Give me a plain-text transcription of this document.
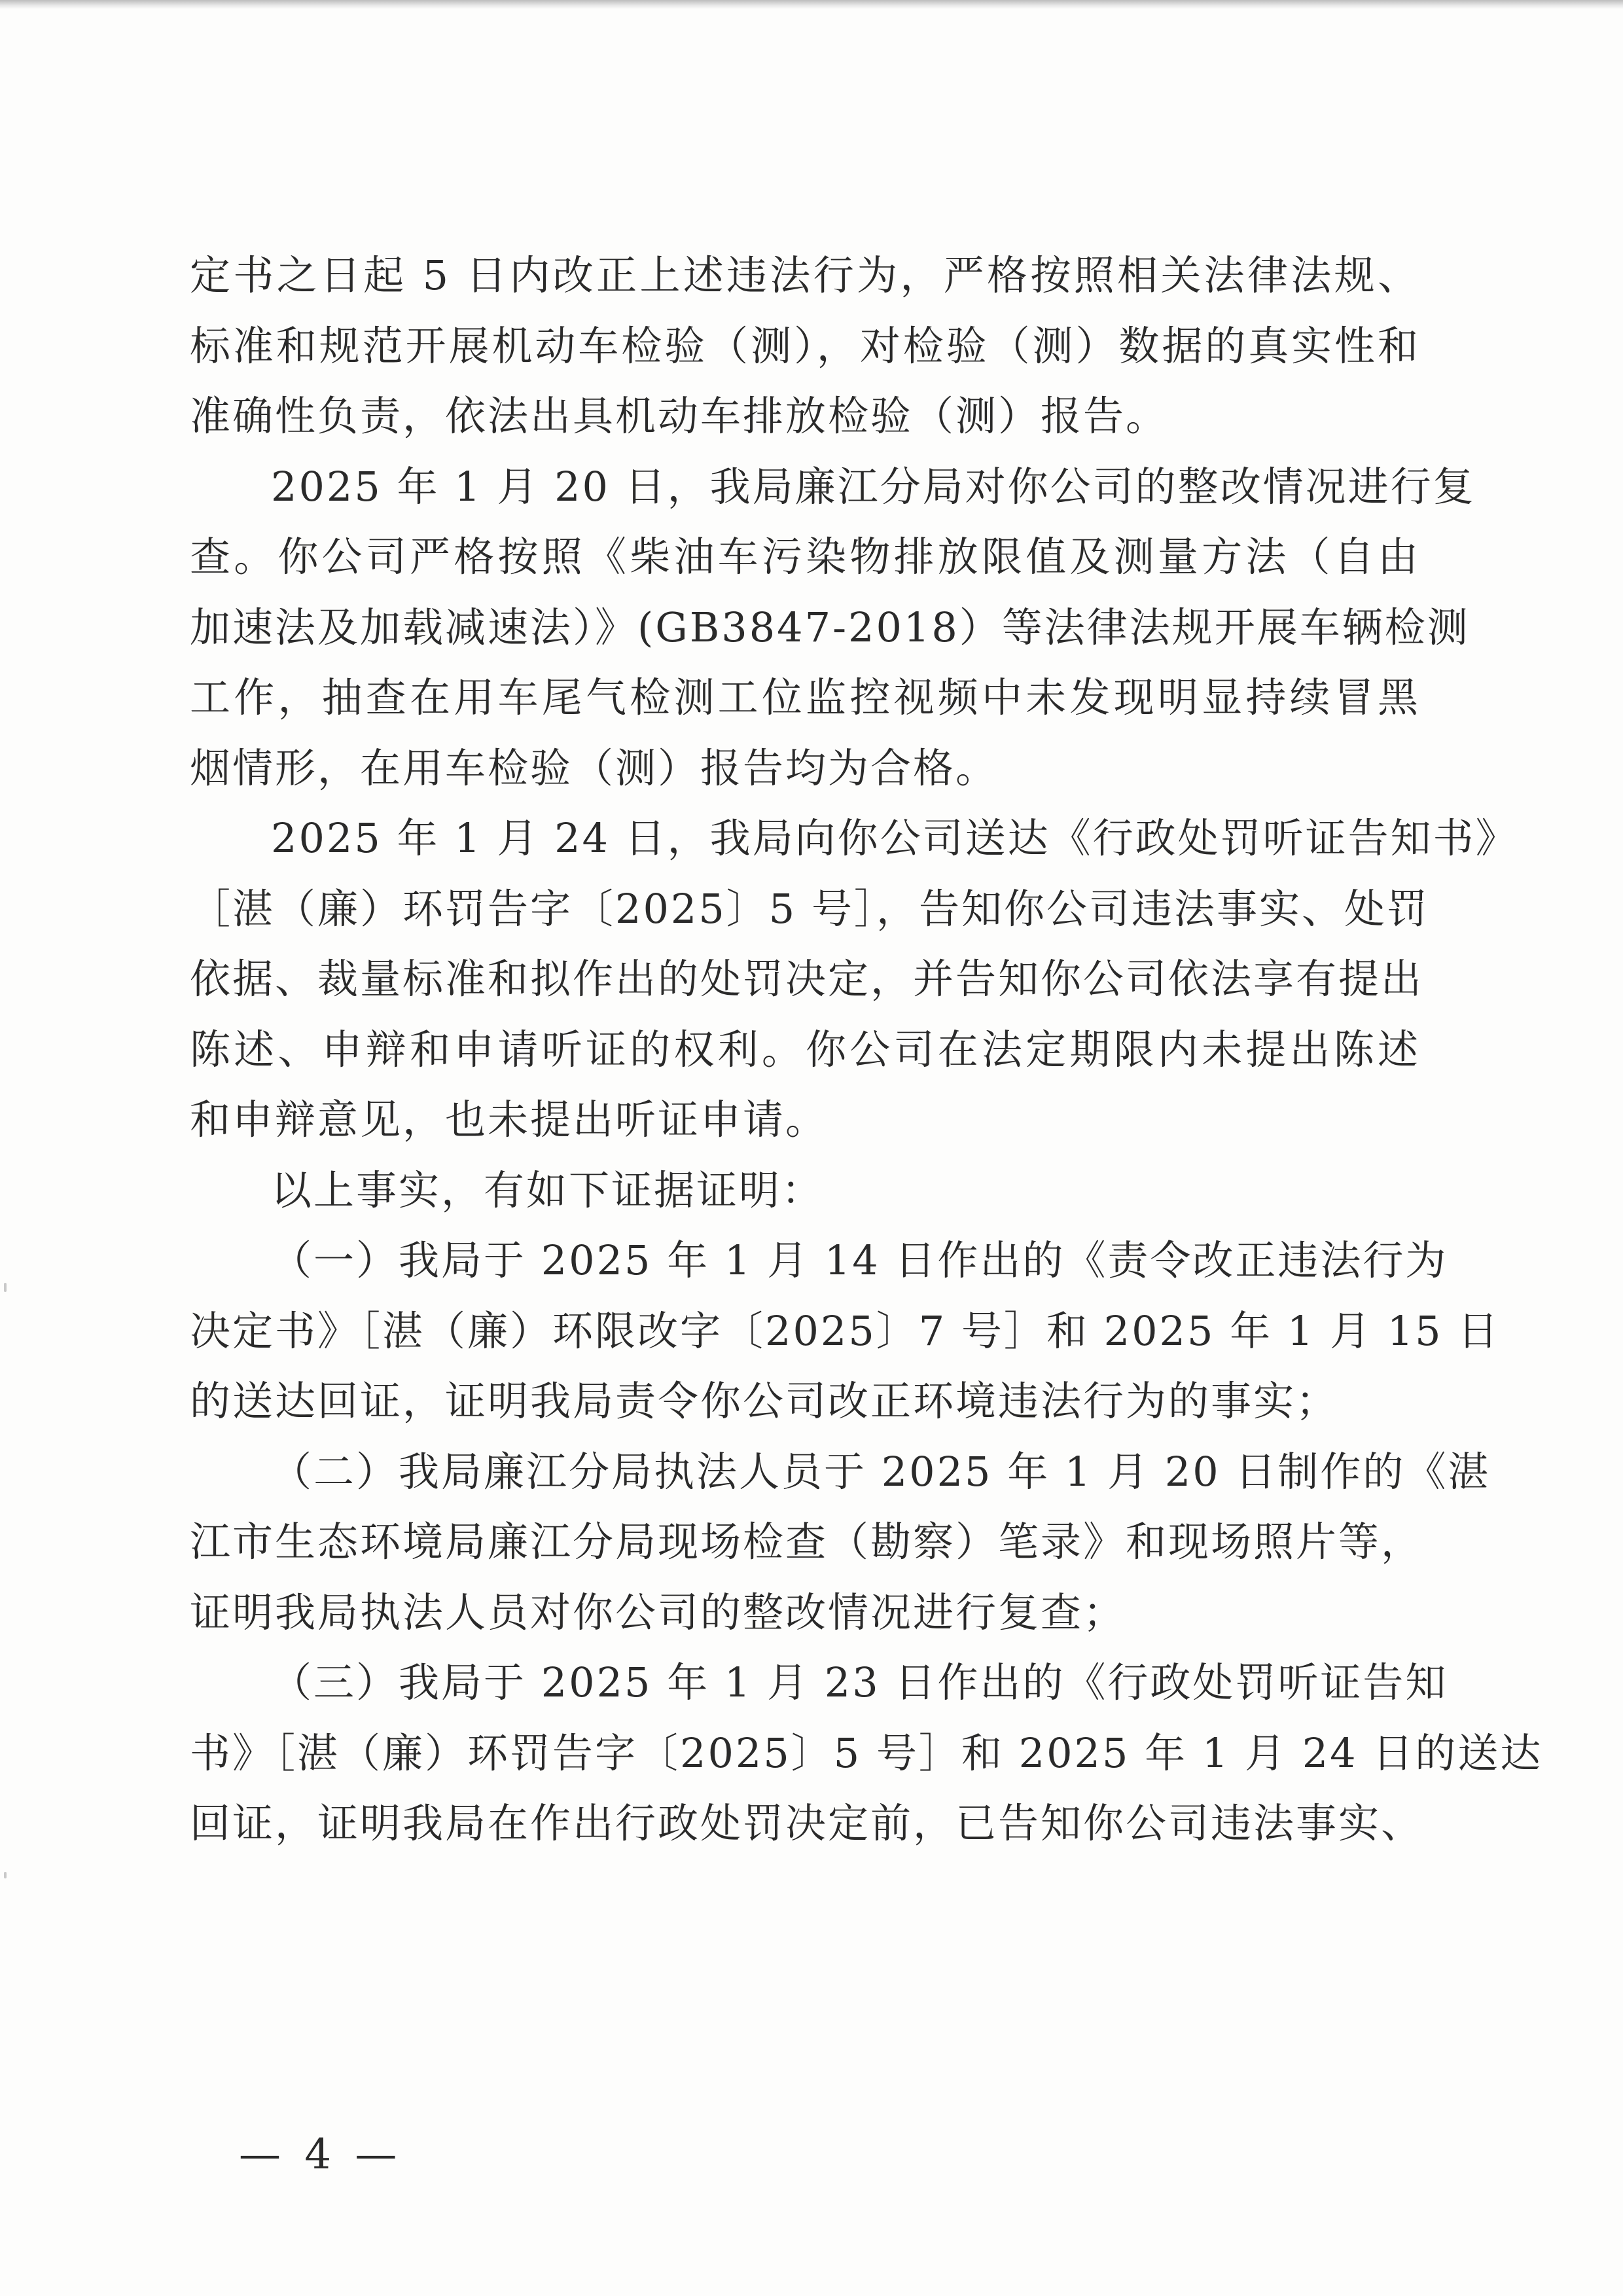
定书之日起 5 日内改正上述违法行为，严格按照相关法律法规、
标准和规范开展机动车检验（测），对检验（测）数据的真实性和
准确性负责，依法出具机动车排放检验（测）报告。
2025 年 1 月 20 日，我局廉江分局对你公司的整改情况进行复
查。你公司严格按照《柴油车污染物排放限值及测量方法（自由
加速法及加载减速法）》(GB3847-2018）等法律法规开展车辆检测
工作，抽查在用车尾气检测工位监控视频中未发现明显持续冒黑
烟情形，在用车检验（测）报告均为合格。
2025 年 1 月 24 日，我局向你公司送达《行政处罚听证告知书》
［湛（廉）环罚告字〔2025〕5 号］，告知你公司违法事实、处罚
依据、裁量标准和拟作出的处罚决定，并告知你公司依法享有提出
陈述、申辩和申请听证的权利。你公司在法定期限内未提出陈述
和申辩意见，也未提出听证申请。
以上事实，有如下证据证明：
（一）我局于 2025 年 1 月 14 日作出的《责令改正违法行为
决定书》［湛（廉）环限改字〔2025〕7 号］和 2025 年 1 月 15 日
的送达回证，证明我局责令你公司改正环境违法行为的事实；
（二）我局廉江分局执法人员于 2025 年 1 月 20 日制作的《湛
江市生态环境局廉江分局现场检查（勘察）笔录》和现场照片等，
证明我局执法人员对你公司的整改情况进行复查；
（三）我局于 2025 年 1 月 23 日作出的《行政处罚听证告知
书》［湛（廉）环罚告字〔2025〕5 号］和 2025 年 1 月 24 日的送达
回证，证明我局在作出行政处罚决定前，已告知你公司违法事实、
— 4 —
